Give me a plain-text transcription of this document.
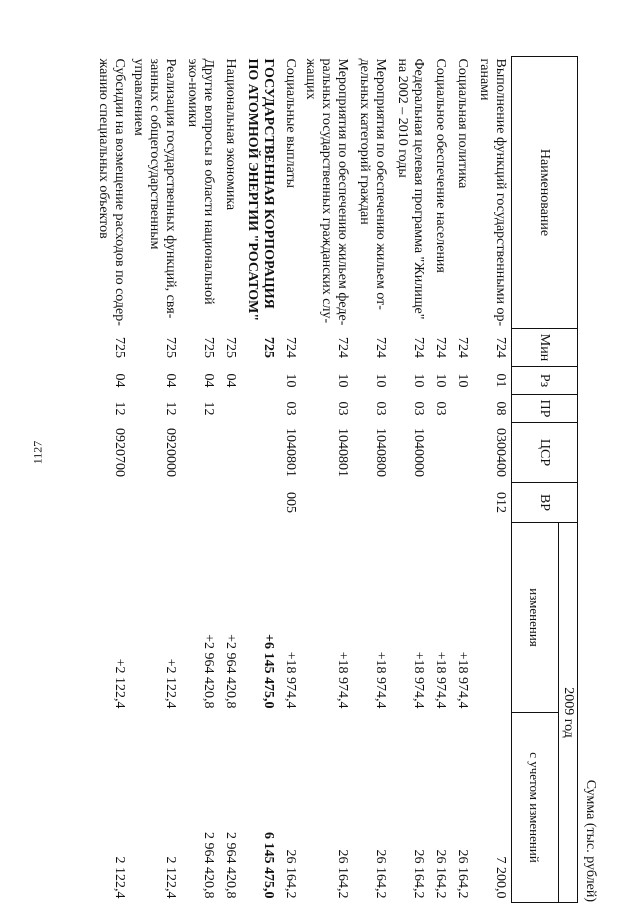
1127
Сумма (тыс. рублей)
Наименование	Мин	Рз	ПР	ЦСР	ВР	2009 год	
						изменения	с учетом изменений
Выполнение функций государственными ор-ганами	724	01	08	0300400	012		7 200,0
Социальная политика	724	10				+18 974,4	26 164,2
Социальное обеспечение населения	724	10	03			+18 974,4	26 164,2
Федеральная целевая программа "Жилище" на 2002 – 2010 годы	724	10	03	1040000		+18 974,4	26 164,2
Мероприятия по обеспечению жильем от-дельных категорий граждан	724	10	03	1040800		+18 974,4	26 164,2
Мероприятия по обеспечению жильем феде-ральных государственных гражданских слу-жащих	724	10	03	1040801		+18 974,4	26 164,2
Социальные выплаты	724	10	03	1040801	005	+18 974,4	26 164,2
ГОСУДАРСТВЕННАЯ КОРПОРАЦИЯ ПО АТОМНОЙ ЭНЕРГИИ "РОСАТОМ"	725					+6 145 475,0	6 145 475,0
Национальная экономика	725	04				+2 964 420,8	2 964 420,8
Другие вопросы в области национальной эко-номики	725	04	12			+2 964 420,8	2 964 420,8
Реализация государственных функций, свя-занных с общегосударственным управлением	725	04	12	0920000		+2 122,4	2 122,4
Субсидии на возмещение расходов по содер-жанию специальных объектов	725	04	12	0920700		+2 122,4	2 122,4
